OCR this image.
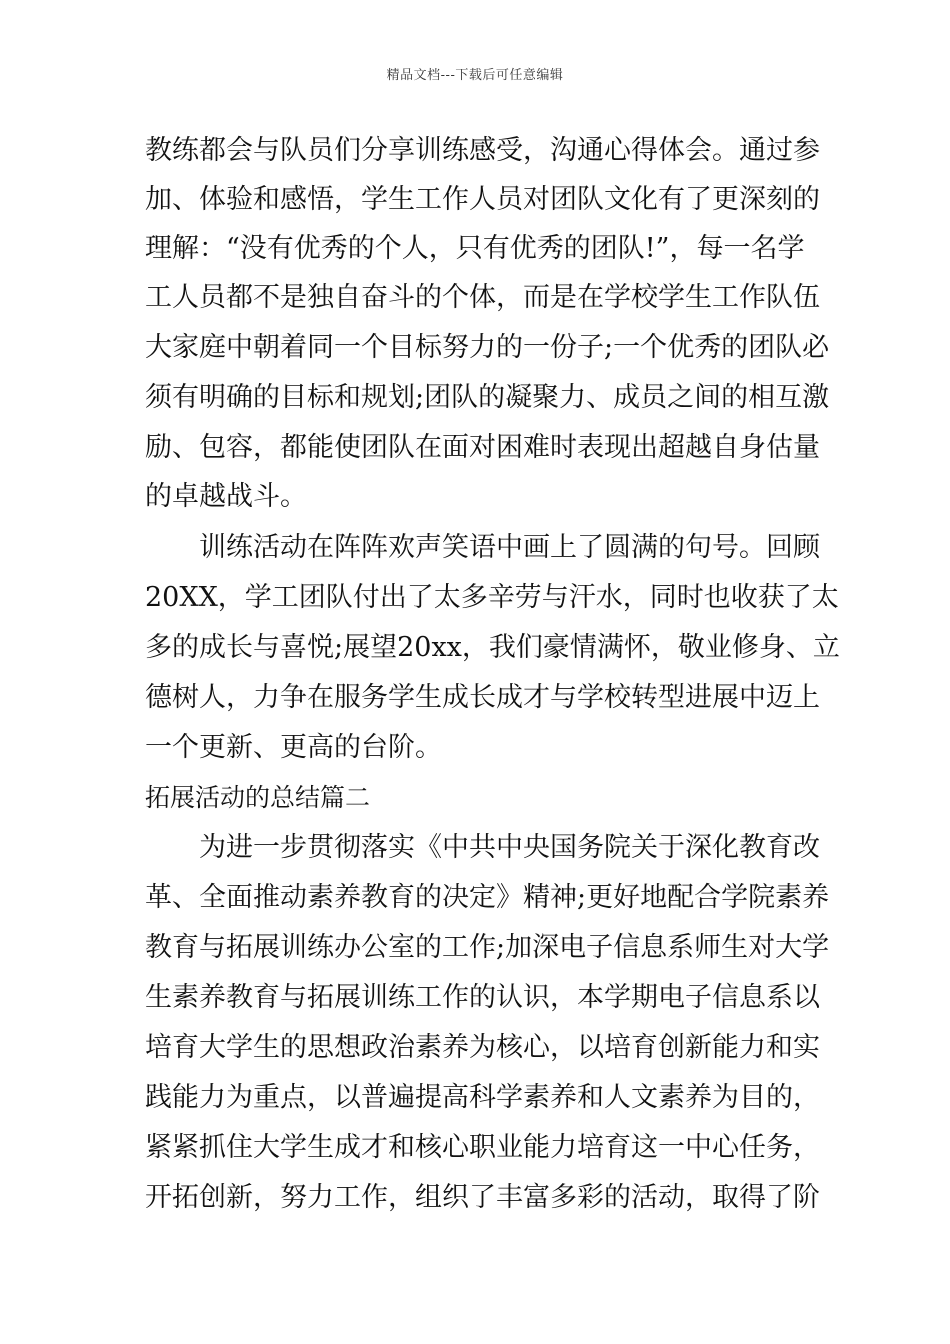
精品文档---下载后可任意编辑
教练都会与队员们分享训练感受，沟通心得体会。通过参
加、体验和感悟，学生工作人员对团队文化有了更深刻的
理解：“没有优秀的个人，只有优秀的团队!”，每一名学
工人员都不是独自奋斗的个体，而是在学校学生工作队伍
大家庭中朝着同一个目标努力的一份子;一个优秀的团队必
须有明确的目标和规划;团队的凝聚力、成员之间的相互激
励、包容，都能使团队在面对困难时表现出超越自身估量
的卓越战斗。
训练活动在阵阵欢声笑语中画上了圆满的句号。回顾
20XX，学工团队付出了太多辛劳与汗水，同时也收获了太
多的成长与喜悦;展望20xx，我们豪情满怀，敬业修身、立
德树人，力争在服务学生成长成才与学校转型进展中迈上
一个更新、更高的台阶。
拓展活动的总结篇二
为进一步贯彻落实《中共中央国务院关于深化教育改
革、全面推动素养教育的决定》精神;更好地配合学院素养
教育与拓展训练办公室的工作;加深电子信息系师生对大学
生素养教育与拓展训练工作的认识，本学期电子信息系以
培育大学生的思想政治素养为核心，以培育创新能力和实
践能力为重点，以普遍提高科学素养和人文素养为目的，
紧紧抓住大学生成才和核心职业能力培育这一中心任务，
开拓创新，努力工作，组织了丰富多彩的活动，取得了阶
